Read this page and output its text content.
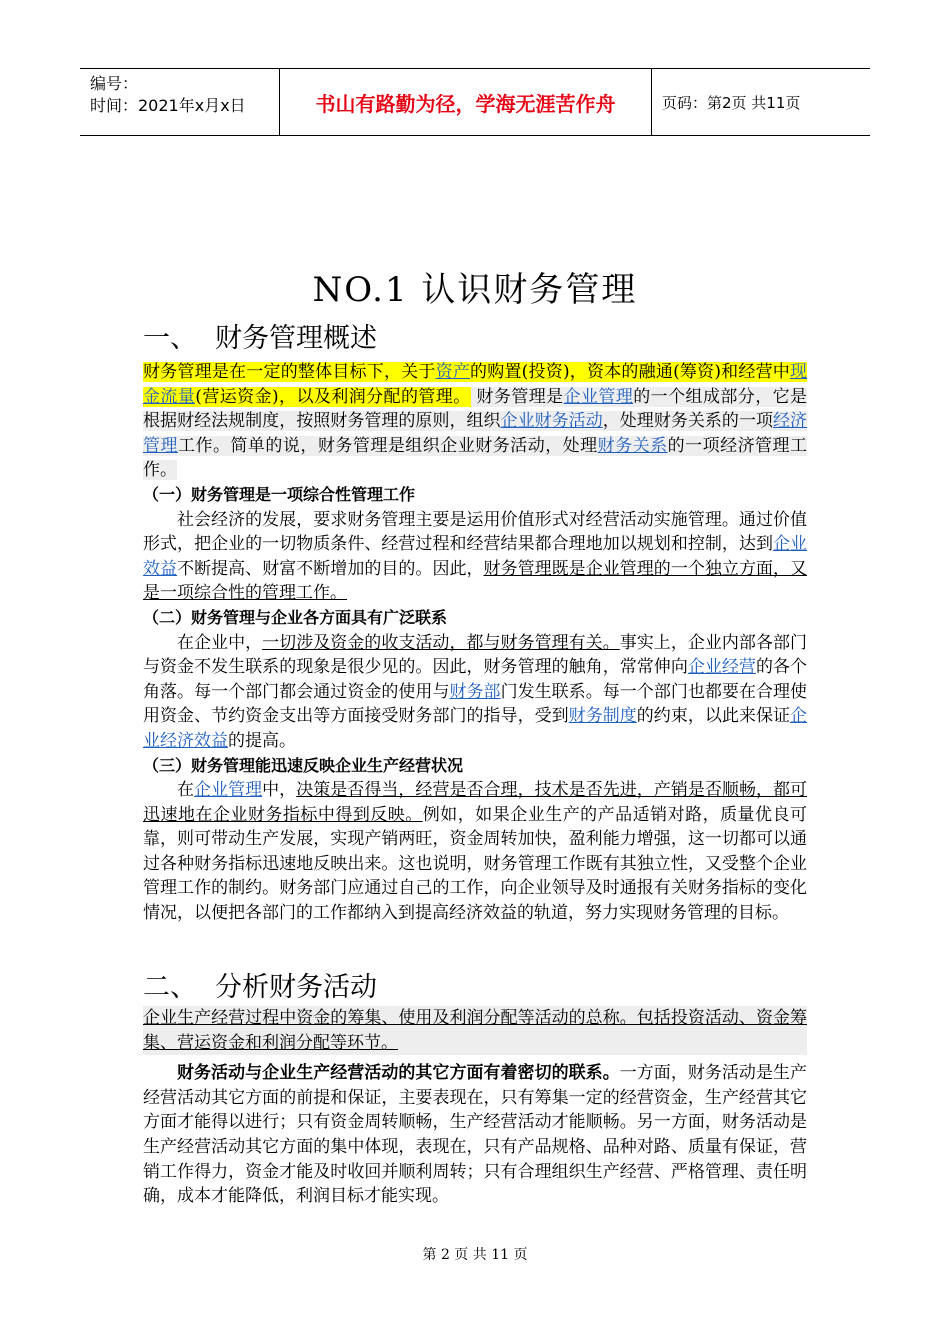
编号：
时间：2021年x月x日	书山有路勤为径，学海无涯苦作舟	页码：第2页 共11页
NO.1 认识财务管理
一、 财务管理概述

财务管理是在一定的整体目标下，关于资产的购置(投资)，资本的融通(筹资)和经营中现金流量(营运资金)，以及利润分配的管理。 财务管理是企业管理的一个组成部分，它是根据财经法规制度，按照财务管理的原则，组织企业财务活动，处理财务关系的一项经济管理工作。简单的说，财务管理是组织企业财务活动，处理财务关系的一项经济管理工作。

（一）财务管理是一项综合性管理工作

社会经济的发展，要求财务管理主要是运用价值形式对经营活动实施管理。通过价值形式，把企业的一切物质条件、经营过程和经营结果都合理地加以规划和控制，达到企业效益不断提高、财富不断增加的目的。因此，财务管理既是企业管理的一个独立方面，又是一项综合性的管理工作。

（二）财务管理与企业各方面具有广泛联系

在企业中，一切涉及资金的收支活动，都与财务管理有关。事实上，企业内部各部门与资金不发生联系的现象是很少见的。因此，财务管理的触角，常常伸向企业经营的各个角落。每一个部门都会通过资金的使用与财务部门发生联系。每一个部门也都要在合理使用资金、节约资金支出等方面接受财务部门的指导，受到财务制度的约束，以此来保证企业经济效益的提高。

（三）财务管理能迅速反映企业生产经营状况

在企业管理中，决策是否得当，经营是否合理，技术是否先进，产销是否顺畅，都可迅速地在企业财务指标中得到反映。例如，如果企业生产的产品适销对路，质量优良可靠，则可带动生产发展，实现产销两旺，资金周转加快，盈利能力增强，这一切都可以通过各种财务指标迅速地反映出来。这也说明，财务管理工作既有其独立性，又受整个企业管理工作的制约。财务部门应通过自己的工作，向企业领导及时通报有关财务指标的变化情况，以便把各部门的工作都纳入到提高经济效益的轨道，努力实现财务管理的目标。

二、 分析财务活动

企业生产经营过程中资金的筹集、使用及利润分配等活动的总称。包括投资活动、资金筹集、营运资金和利润分配等环节。

财务活动与企业生产经营活动的其它方面有着密切的联系。一方面，财务活动是生产经营活动其它方面的前提和保证，主要表现在，只有筹集一定的经营资金，生产经营其它方面才能得以进行；只有资金周转顺畅，生产经营活动才能顺畅。另一方面，财务活动是生产经营活动其它方面的集中体现，表现在，只有产品规格、品种对路、质量有保证，营销工作得力，资金才能及时收回并顺利周转；只有合理组织生产经营、严格管理、责任明确，成本才能降低，利润目标才能实现。

第 2 页 共 11 页
